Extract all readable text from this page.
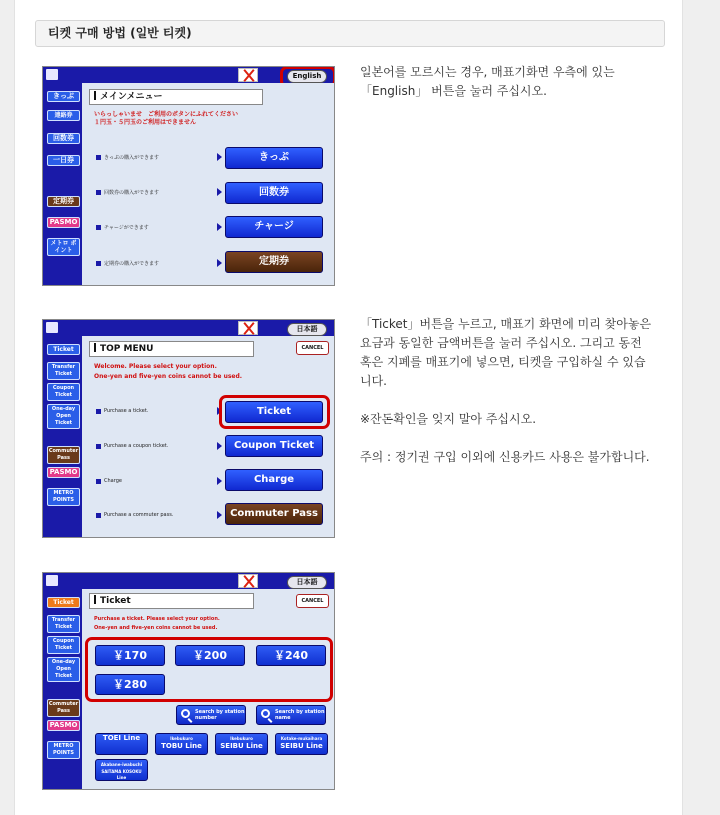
티켓 구매 방법 (일반 티켓)
English
きっぷ
連絡券
回数券
一日券
定期券
PASMO
メトロ ポイント
メインメニュー
いらっしゃいませ　ご利用のボタンにふれてください
１円玉・５円玉のご利用はできません
きっぷの購入ができます	きっぷ
回数券の購入ができます	回数券
チャージができます	チャージ
定期券の購入ができます	定期券

일본어를 모르시는 경우, 매표기화면 우측에 있는

「English」 버튼을 눌러 주십시오.

日本語
Ticket
Transfer Ticket
Coupon Ticket
One-day Open Ticket
Commuter Pass
PASMO
METRO POINTS
TOP MENU	CANCEL
Welcome. Please select your option.
One-yen and five-yen coins cannot be used.
Purchase a ticket.	Ticket
Purchase a coupon ticket.	Coupon Ticket
Charge	Charge
Purchase a commuter pass.	Commuter Pass

「Ticket」버튼을 누르고, 매표기 화면에 미리 찾아놓은

요금과 동일한 금액버튼을 눌러 주십시오. 그리고 동전

혹은 지폐를 매표기에 넣으면, 티켓을 구입하실 수 있습

니다.

※잔돈확인을 잊지 말아 주십시오.

주의 : 정기권 구입 이외에 신용카드 사용은 불가합니다.

日本語
Ticket
Transfer Ticket
Coupon Ticket
One-day Open Ticket
Commuter Pass
PASMO
METRO POINTS
Ticket	CANCEL
Purchase a ticket. Please select your option.
One-yen and five-yen coins cannot be used.
￥170	￥200	￥240
￥280
Search by station number
Search by station name
TOEI Line	Ikebukuro
TOBU Line
Ikebukuro
SEIBU Line
Kotake-mukaihara
SEIBU Line
Akabane-iwabuchi
SAITAMA KOSOKU Line
